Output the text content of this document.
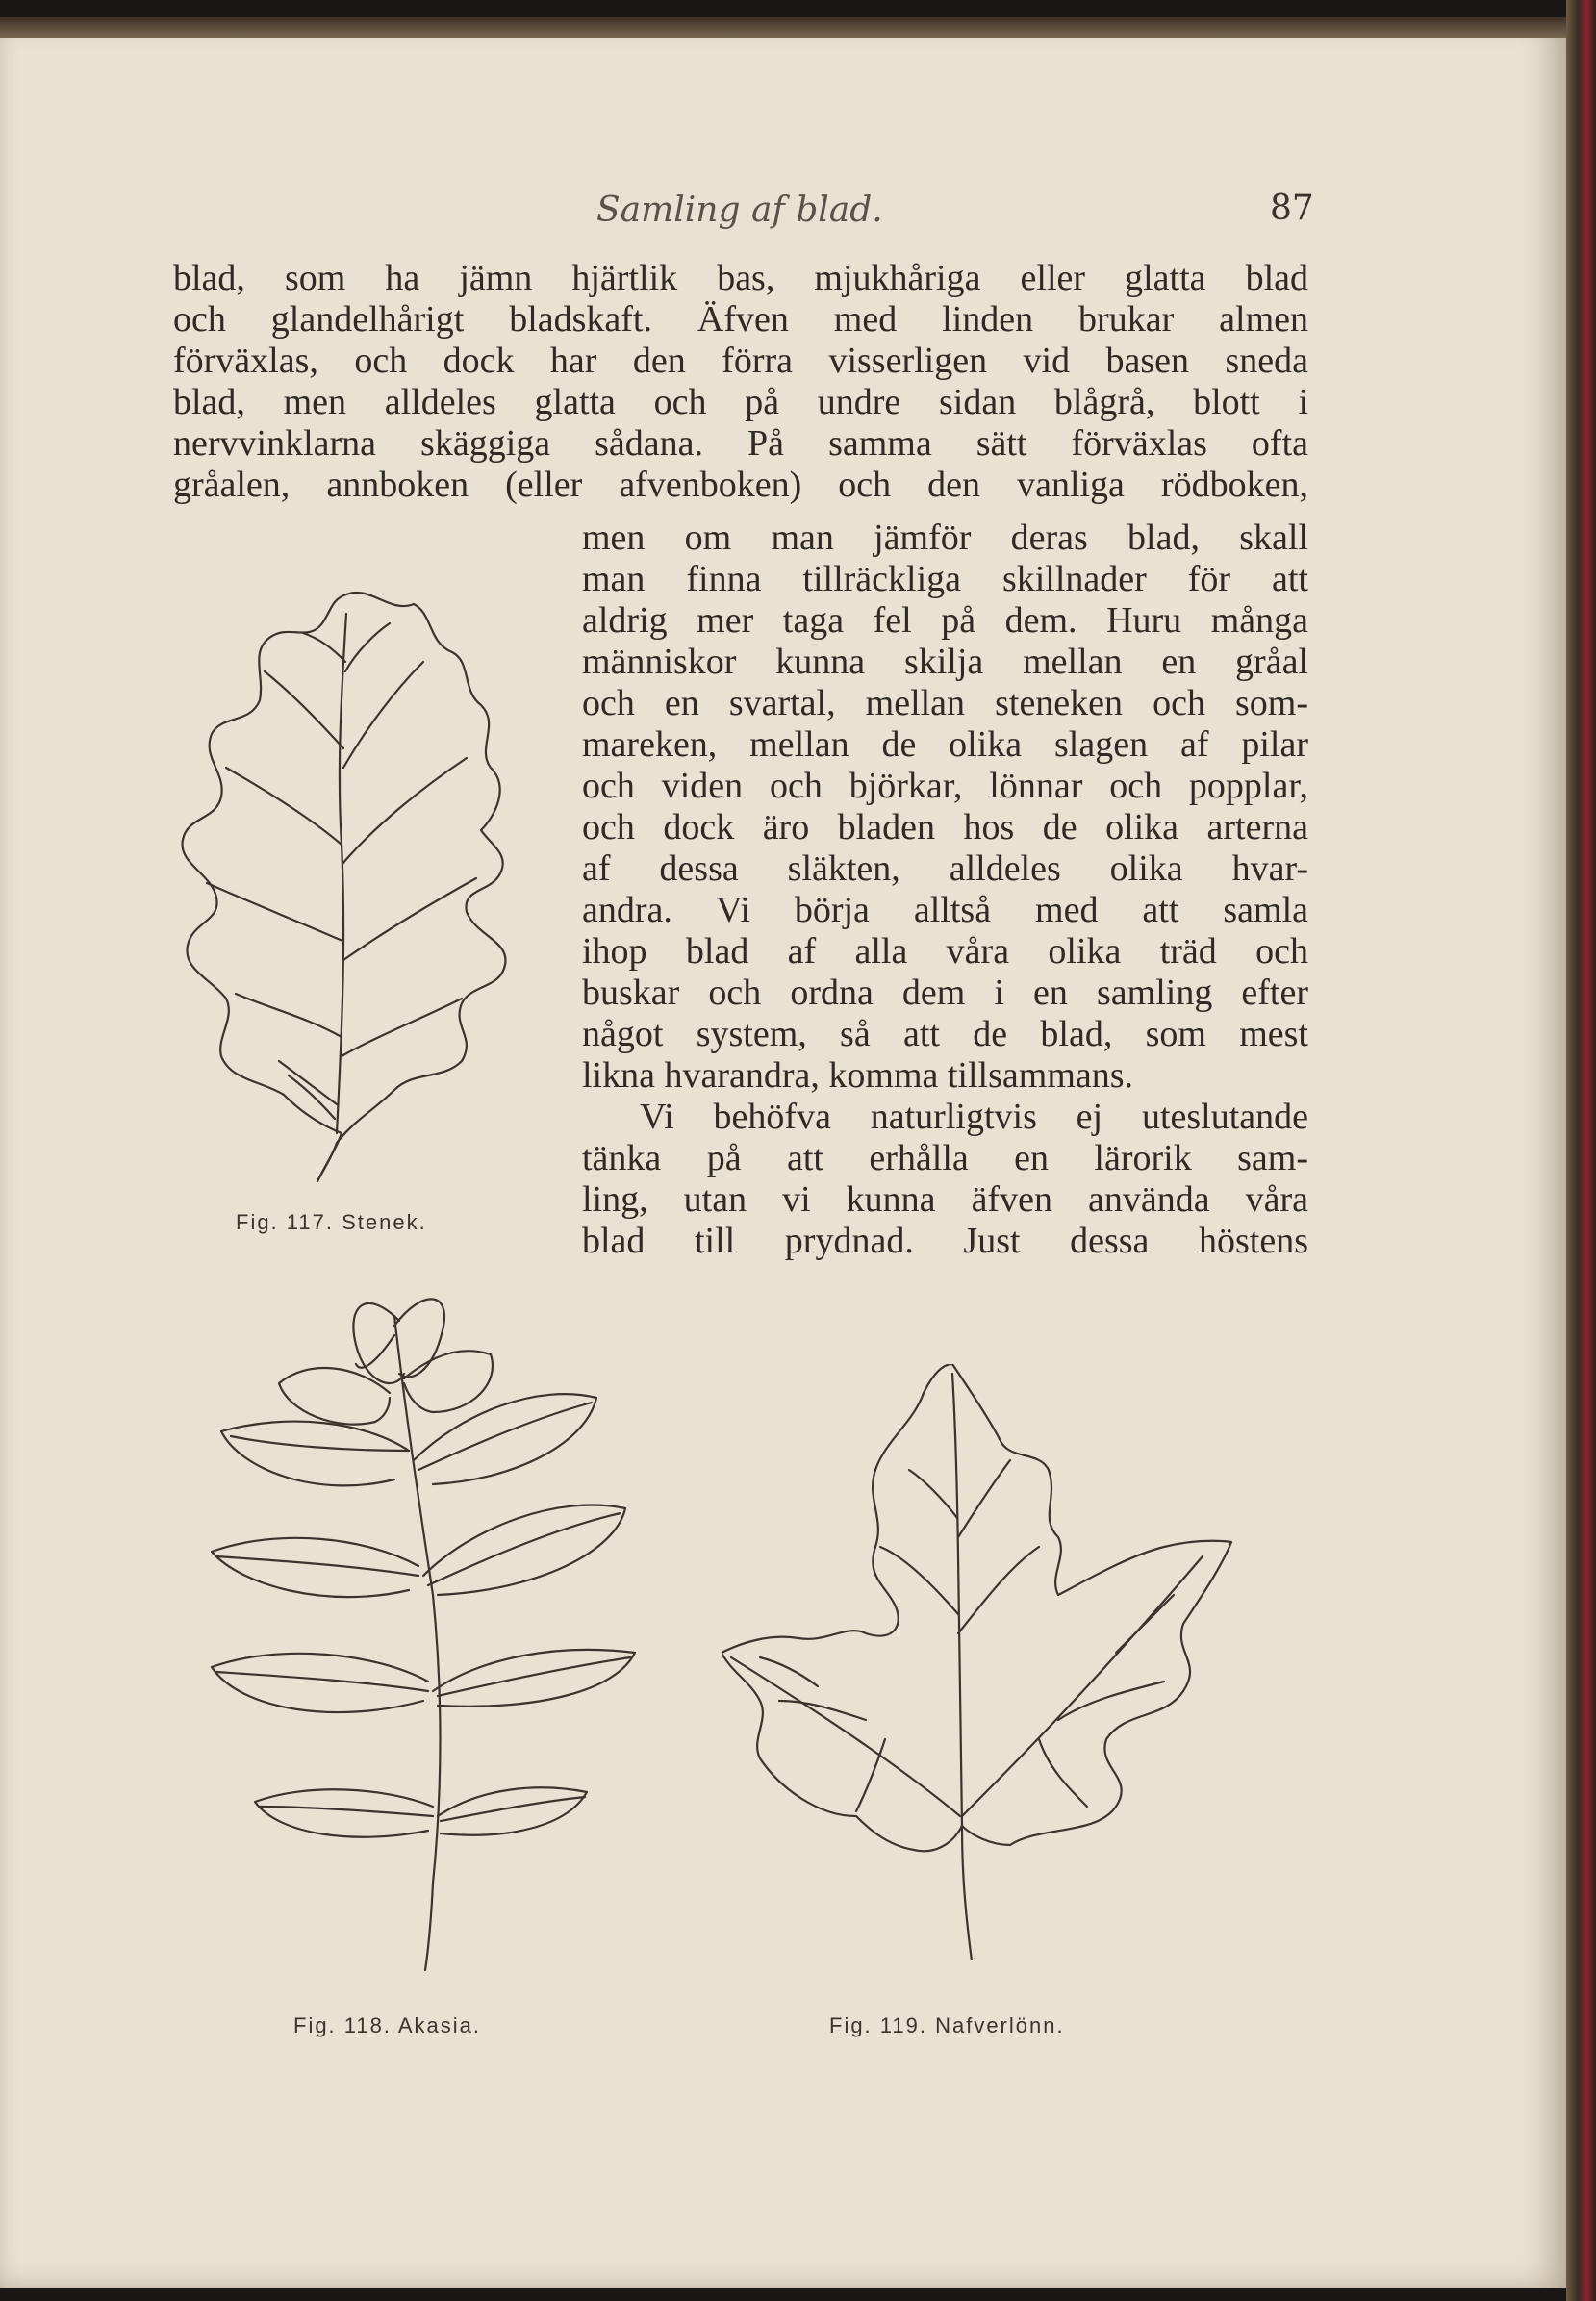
Samling af blad.	87
blad, som ha jämn hjärtlik bas, mjukhåriga eller glatta blad
och glandelhårigt bladskaft. Äfven med linden brukar almen
förväxlas, och dock har den förra visserligen vid basen sneda
blad, men alldeles glatta och på undre sidan blågrå, blott i
nervvinklarna skäggiga sådana. På samma sätt förväxlas ofta
gråalen, annboken (eller afvenboken) och den vanliga rödboken,
men om man jämför deras blad, skall
man finna tillräckliga skillnader för att
aldrig mer taga fel på dem. Huru många
människor kunna skilja mellan en gråal
och en svartal, mellan steneken och som-
mareken, mellan de olika slagen af pilar
och viden och björkar, lönnar och popplar,
och dock äro bladen hos de olika arterna
af dessa släkten, alldeles olika hvar-
andra. Vi börja alltså med att samla
ihop blad af alla våra olika träd och
buskar och ordna dem i en samling efter
något system, så att de blad, som mest
likna hvarandra, komma tillsammans.
Vi behöfva naturligtvis ej uteslutande
tänka på att erhålla en lärorik sam-
ling, utan vi kunna äfven använda våra
blad till prydnad. Just dessa höstens
Fig. 117. Stenek.
Fig. 118. Akasia.	Fig. 119. Nafverlönn.
